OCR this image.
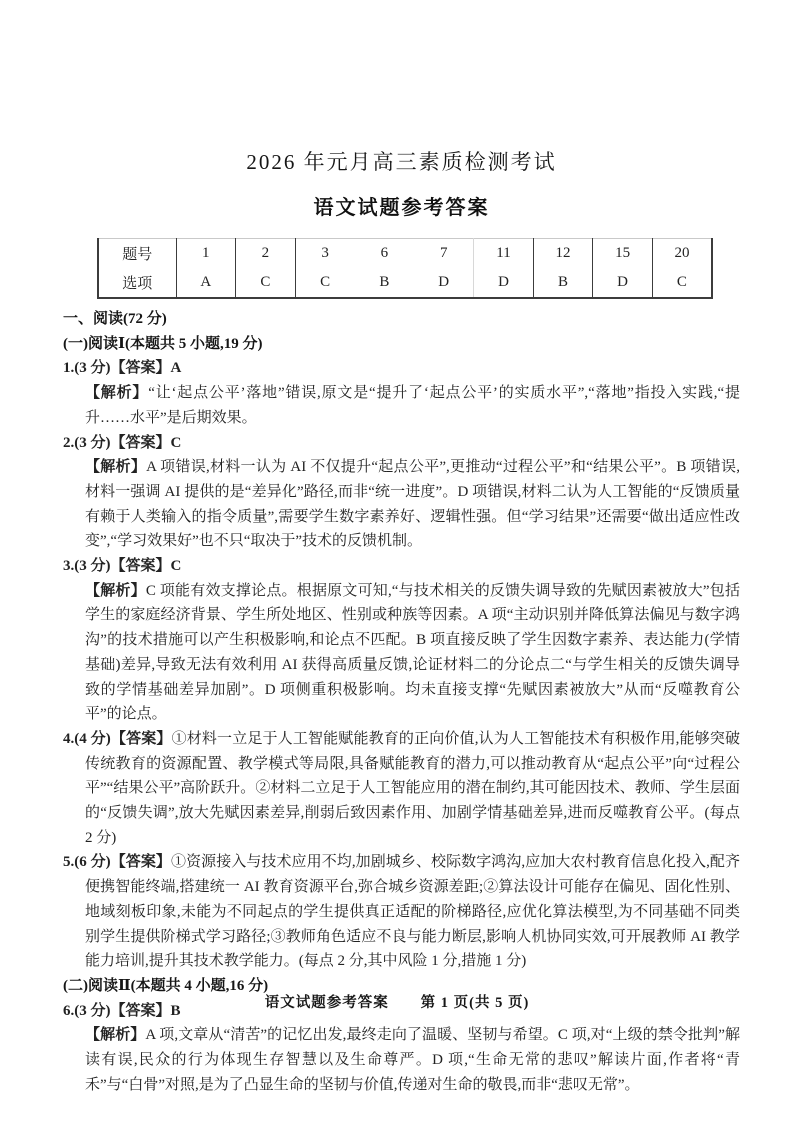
2026 年元月高三素质检测考试
语文试题参考答案
题号	1	2	3	6	7	11	12	15	20
选项	A	C	C	B	D	D	B	D	C

一、阅读(72 分)

(一)阅读Ⅰ(本题共 5 小题,19 分)

1.(3 分)【答案】A

【解析】“让‘起点公平’落地”错误,原文是“提升了‘起点公平’的实质水平”,“落地”指投入实践,“提升……水平”是后期效果。

2.(3 分)【答案】C

【解析】A 项错误,材料一认为 AI 不仅提升“起点公平”,更推动“过程公平”和“结果公平”。B 项错误,材料一强调 AI 提供的是“差异化”路径,而非“统一进度”。D 项错误,材料二认为人工智能的“反馈质量有赖于人类输入的指令质量”,需要学生数字素养好、逻辑性强。但“学习结果”还需要“做出适应性改变”,“学习效果好”也不只“取决于”技术的反馈机制。

3.(3 分)【答案】C

【解析】C 项能有效支撑论点。根据原文可知,“与技术相关的反馈失调导致的先赋因素被放大”包括学生的家庭经济背景、学生所处地区、性别或种族等因素。A 项“主动识别并降低算法偏见与数字鸿沟”的技术措施可以产生积极影响,和论点不匹配。B 项直接反映了学生因数字素养、表达能力(学情基础)差异,导致无法有效利用 AI 获得高质量反馈,论证材料二的分论点二“与学生相关的反馈失调导致的学情基础差异加剧”。D 项侧重积极影响。均未直接支撑“先赋因素被放大”从而“反噬教育公平”的论点。

4.(4 分)【答案】①材料一立足于人工智能赋能教育的正向价值,认为人工智能技术有积极作用,能够突破传统教育的资源配置、教学模式等局限,具备赋能教育的潜力,可以推动教育从“起点公平”向“过程公平”“结果公平”高阶跃升。②材料二立足于人工智能应用的潜在制约,其可能因技术、教师、学生层面的“反馈失调”,放大先赋因素差异,削弱后致因素作用、加剧学情基础差异,进而反噬教育公平。(每点 2 分)

5.(6 分)【答案】①资源接入与技术应用不均,加剧城乡、校际数字鸿沟,应加大农村教育信息化投入,配齐便携智能终端,搭建统一 AI 教育资源平台,弥合城乡资源差距;②算法设计可能存在偏见、固化性别、地域刻板印象,未能为不同起点的学生提供真正适配的阶梯路径,应优化算法模型,为不同基础不同类别学生提供阶梯式学习路径;③教师角色适应不良与能力断层,影响人机协同实效,可开展教师 AI 教学能力培训,提升其技术教学能力。(每点 2 分,其中风险 1 分,措施 1 分)

(二)阅读Ⅱ(本题共 4 小题,16 分)

6.(3 分)【答案】B

【解析】A 项,文章从“清苦”的记忆出发,最终走向了温暖、坚韧与希望。C 项,对“上级的禁令批判”解读有误,民众的行为体现生存智慧以及生命尊严。D 项,“生命无常的悲叹”解读片面,作者将“青禾”与“白骨”对照,是为了凸显生命的坚韧与价值,传递对生命的敬畏,而非“悲叹无常”。

语文试题参考答案 第 1 页(共 5 页)
